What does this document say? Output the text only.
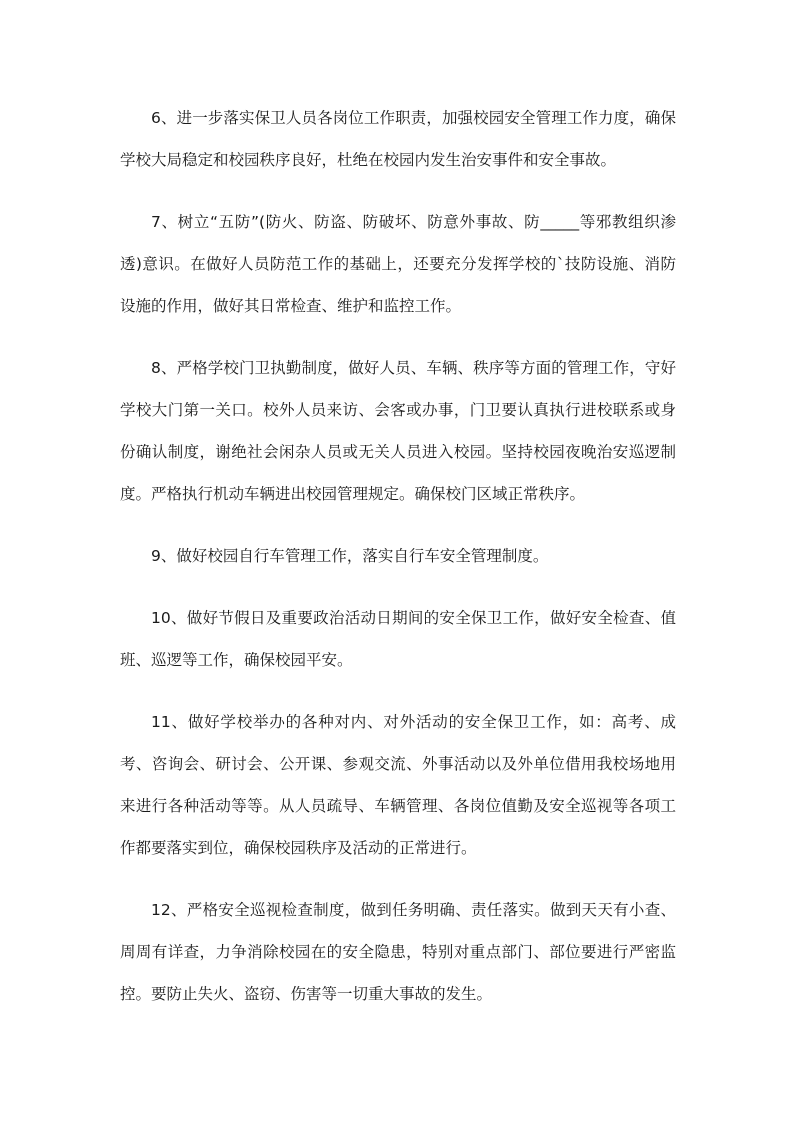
6、进一步落实保卫人员各岗位工作职责，加强校园安全管理工作力度，确保学校大局稳定和校园秩序良好，杜绝在校园内发生治安事件和安全事故。

7、树立“五防”(防火、防盗、防破坏、防意外事故、防_____等邪教组织渗透)意识。在做好人员防范工作的基础上，还要充分发挥学校的`技防设施、消防设施的作用，做好其日常检查、维护和监控工作。

8、严格学校门卫执勤制度，做好人员、车辆、秩序等方面的管理工作，守好学校大门第一关口。校外人员来访、会客或办事，门卫要认真执行进校联系或身份确认制度，谢绝社会闲杂人员或无关人员进入校园。坚持校园夜晚治安巡逻制度。严格执行机动车辆进出校园管理规定。确保校门区域正常秩序。

9、做好校园自行车管理工作，落实自行车安全管理制度。

10、做好节假日及重要政治活动日期间的安全保卫工作，做好安全检查、值班、巡逻等工作，确保校园平安。

11、做好学校举办的各种对内、对外活动的安全保卫工作，如：高考、成考、咨询会、研讨会、公开课、参观交流、外事活动以及外单位借用我校场地用来进行各种活动等等。从人员疏导、车辆管理、各岗位值勤及安全巡视等各项工作都要落实到位，确保校园秩序及活动的正常进行。

12、严格安全巡视检查制度，做到任务明确、责任落实。做到天天有小查、周周有详查，力争消除校园在的安全隐患，特别对重点部门、部位要进行严密监控。要防止失火、盗窃、伤害等一切重大事故的发生。
